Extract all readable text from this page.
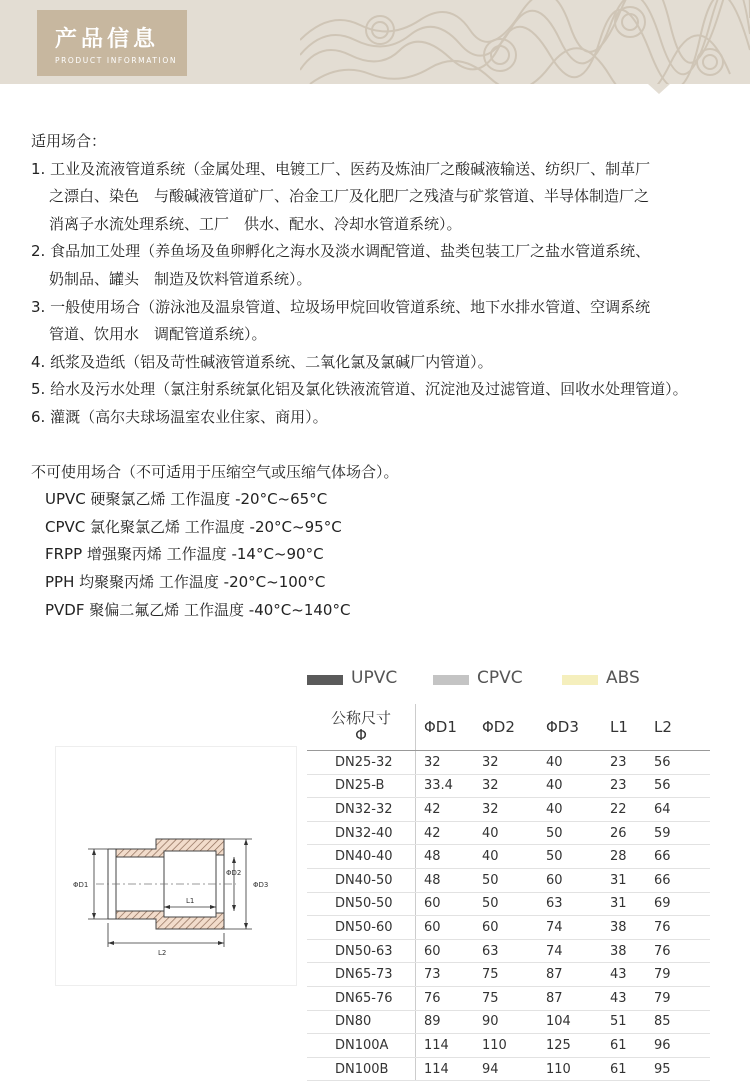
产品信息
PRODUCT INFORMATION
适用场合：
1. 工业及流液管道系统（金属处理、电镀工厂、医药及炼油厂之酸碱液输送、纺织厂、制革厂
之漂白、染色　与酸碱液管道矿厂、冶金工厂及化肥厂之残渣与矿浆管道、半导体制造厂之
消离子水流处理系统、工厂　供水、配水、冷却水管道系统）。
2. 食品加工处理（养鱼场及鱼卵孵化之海水及淡水调配管道、盐类包装工厂之盐水管道系统、
奶制品、罐头　制造及饮料管道系统）。
3. 一般使用场合（游泳池及温泉管道、垃圾场甲烷回收管道系统、地下水排水管道、空调系统
管道、饮用水　调配管道系统）。
4. 纸浆及造纸（铝及苛性碱液管道系统、二氧化氯及氯碱厂内管道）。
5. 给水及污水处理（氯注射系统氯化铝及氯化铁液流管道、沉淀池及过滤管道、回收水处理管道）。
6. 灌溉（高尔夫球场温室农业住家、商用）。
不可使用场合（不可适用于压缩空气或压缩气体场合）。
UPVC 硬聚氯乙烯 工作温度 -20°C~65°C
CPVC 氯化聚氯乙烯 工作温度 -20°C~95°C
FRPP 增强聚丙烯 工作温度 -14°C~90°C
PPH 均聚聚丙烯 工作温度 -20°C~100°C
PVDF 聚偏二氟乙烯 工作温度 -40°C~140°C
ΦD1
ΦD2
ΦD3
L1
L2
UPVC	CPVC	ABS
公称尺寸
Φ	ΦD1	ΦD2	ΦD3	L1	L2
DN25-32	32	32	40	23	56
DN25-B	33.4	32	40	23	56
DN32-32	42	32	40	22	64
DN32-40	42	40	50	26	59
DN40-40	48	40	50	28	66
DN40-50	48	50	60	31	66
DN50-50	60	50	63	31	69
DN50-60	60	60	74	38	76
DN50-63	60	63	74	38	76
DN65-73	73	75	87	43	79
DN65-76	76	75	87	43	79
DN80	89	90	104	51	85
DN100A	114	110	125	61	96
DN100B	114	94	110	61	95
